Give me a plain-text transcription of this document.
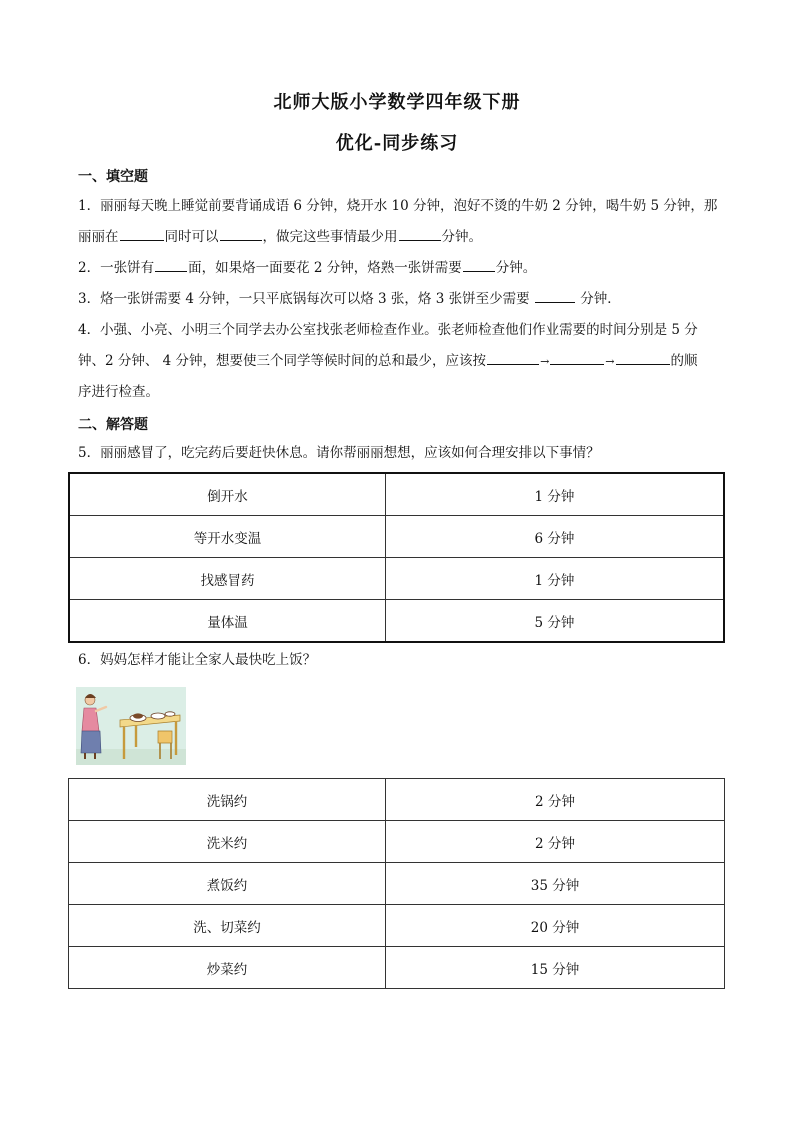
北师大版小学数学四年级下册
优化-同步练习
一、填空题
1．丽丽每天晚上睡觉前要背诵成语 6 分钟，烧开水 10 分钟，泡好不烫的牛奶 2 分钟，喝牛奶 5 分钟，那
丽丽在	同时可以	，做完这些事情最少用	分钟。
2．一张饼有	面，如果烙一面要花 2 分钟，烙熟一张饼需要	分钟。
3．烙一张饼需要 4 分钟，一只平底锅每次可以烙 3 张，烙 3 张饼至少需要	分钟．
4．小强、小亮、小明三个同学去办公室找张老师检查作业。张老师检查他们作业需要的时间分别是 5 分
钟、2 分钟、 4 分钟，想要使三个同学等候时间的总和最少，应该按	→	→	的顺
序进行检查。
二、解答题
5．丽丽感冒了，吃完药后要赶快休息。请你帮丽丽想想，应该如何合理安排以下事情？
倒开水	1 分钟
等开水变温	6 分钟
找感冒药	1 分钟
量体温	5 分钟
6．妈妈怎样才能让全家人最快吃上饭？
洗锅约	2 分钟
洗米约	2 分钟
煮饭约	35 分钟
洗、切菜约	20 分钟
炒菜约	15 分钟
